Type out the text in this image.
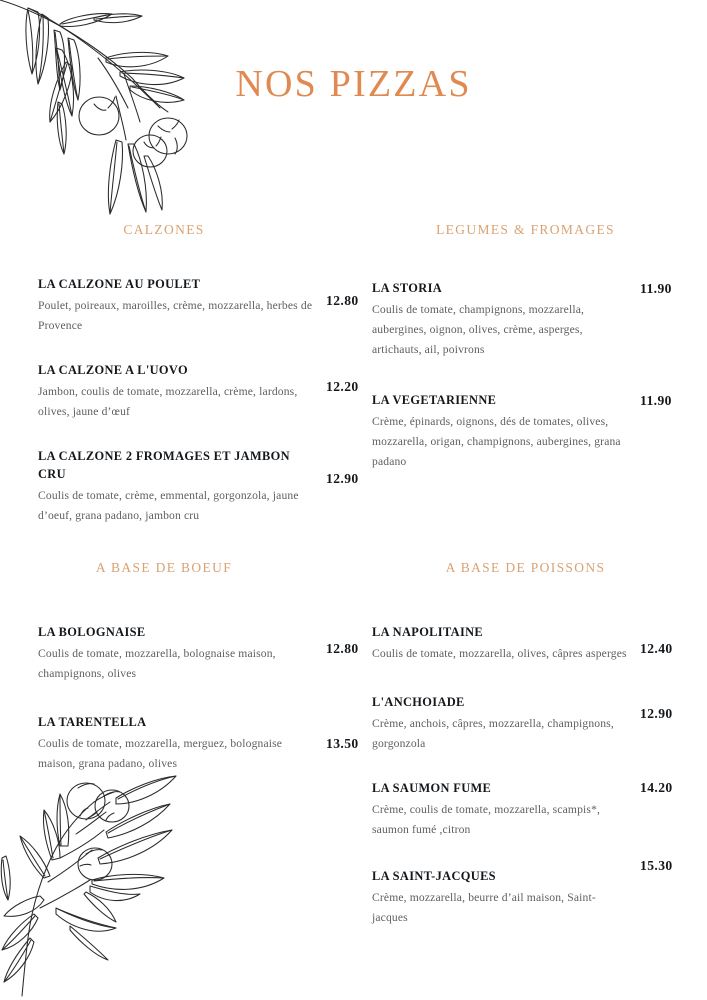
NOS PIZZAS
CALZONES
LA CALZONE AU POULET
Poulet, poireaux, maroilles, crème, mozzarella, herbes de Provence
12.80
LA CALZONE A L'UOVO
Jambon, coulis de tomate, mozzarella, crème, lardons, olives, jaune d’œuf
12.20
LA CALZONE 2 FROMAGES ET JAMBON CRU
Coulis de tomate, crème, emmental, gorgonzola, jaune d’oeuf, grana padano, jambon cru
12.90
LEGUMES & FROMAGES
LA STORIA
Coulis de tomate, champignons, mozzarella, aubergines, oignon, olives, crème, asperges, artichauts, ail, poivrons
11.90
LA VEGETARIENNE
Crème, épinards, oignons, dés de tomates, olives, mozzarella, origan, champignons, aubergines, grana padano
11.90
A BASE DE BOEUF
LA BOLOGNAISE
Coulis de tomate, mozzarella, bolognaise maison, champignons, olives
12.80
LA TARENTELLA
Coulis de tomate, mozzarella, merguez, bolognaise maison, grana padano, olives
13.50
A BASE DE POISSONS
LA NAPOLITAINE
Coulis de tomate, mozzarella, olives, câpres asperges 12.40
L'ANCHOIADE
Crème, anchois, câpres, mozzarella, champignons, gorgonzola
12.90
LA SAUMON FUME
Crème, coulis de tomate, mozzarella, scampis*, saumon fumé ,citron
14.20
LA SAINT-JACQUES
Crème, mozzarella, beurre d’ail maison, Saint- jacques
15.30
